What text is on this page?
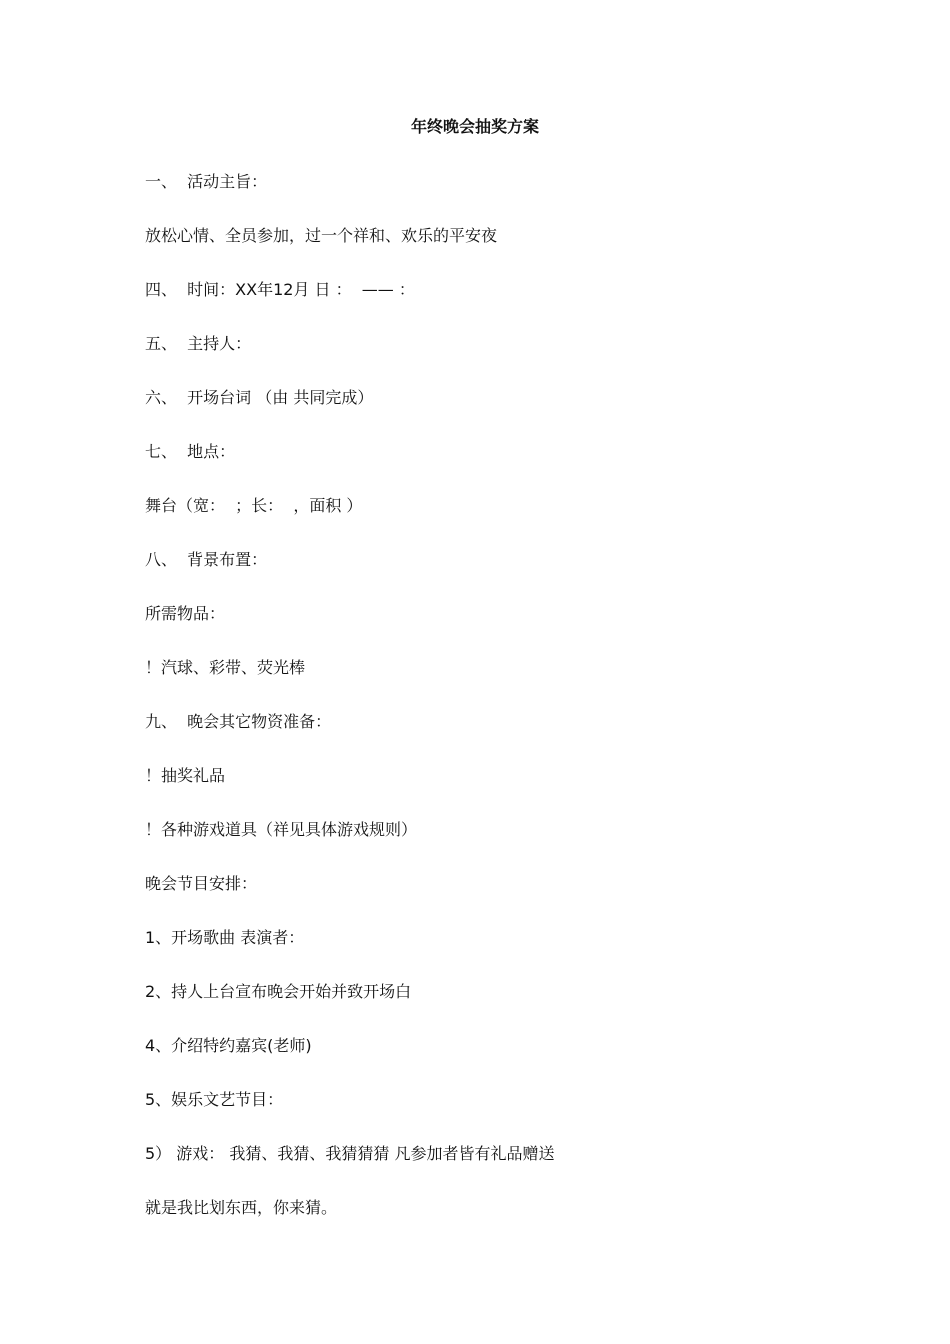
年终晚会抽奖方案
一、  活动主旨：
放松心情、全员参加，过一个祥和、欢乐的平安夜
四、  时间：XX年12月 日 ：  —— ：
五、  主持人：
六、  开场台词 （由 共同完成）
七、  地点：
舞台（宽：  ；长：  ，面积 ）
八、  背景布置：
所需物品：
！汽球、彩带、荧光棒
九、  晚会其它物资准备：
！抽奖礼品
！各种游戏道具（祥见具体游戏规则）
晚会节目安排：
1、开场歌曲 表演者：
2、持人上台宣布晚会开始并致开场白
4、介绍特约嘉宾(老师)
5、娱乐文艺节目：
5） 游戏： 我猜、我猜、我猜猜猜 凡参加者皆有礼品赠送
就是我比划东西，你来猜。
